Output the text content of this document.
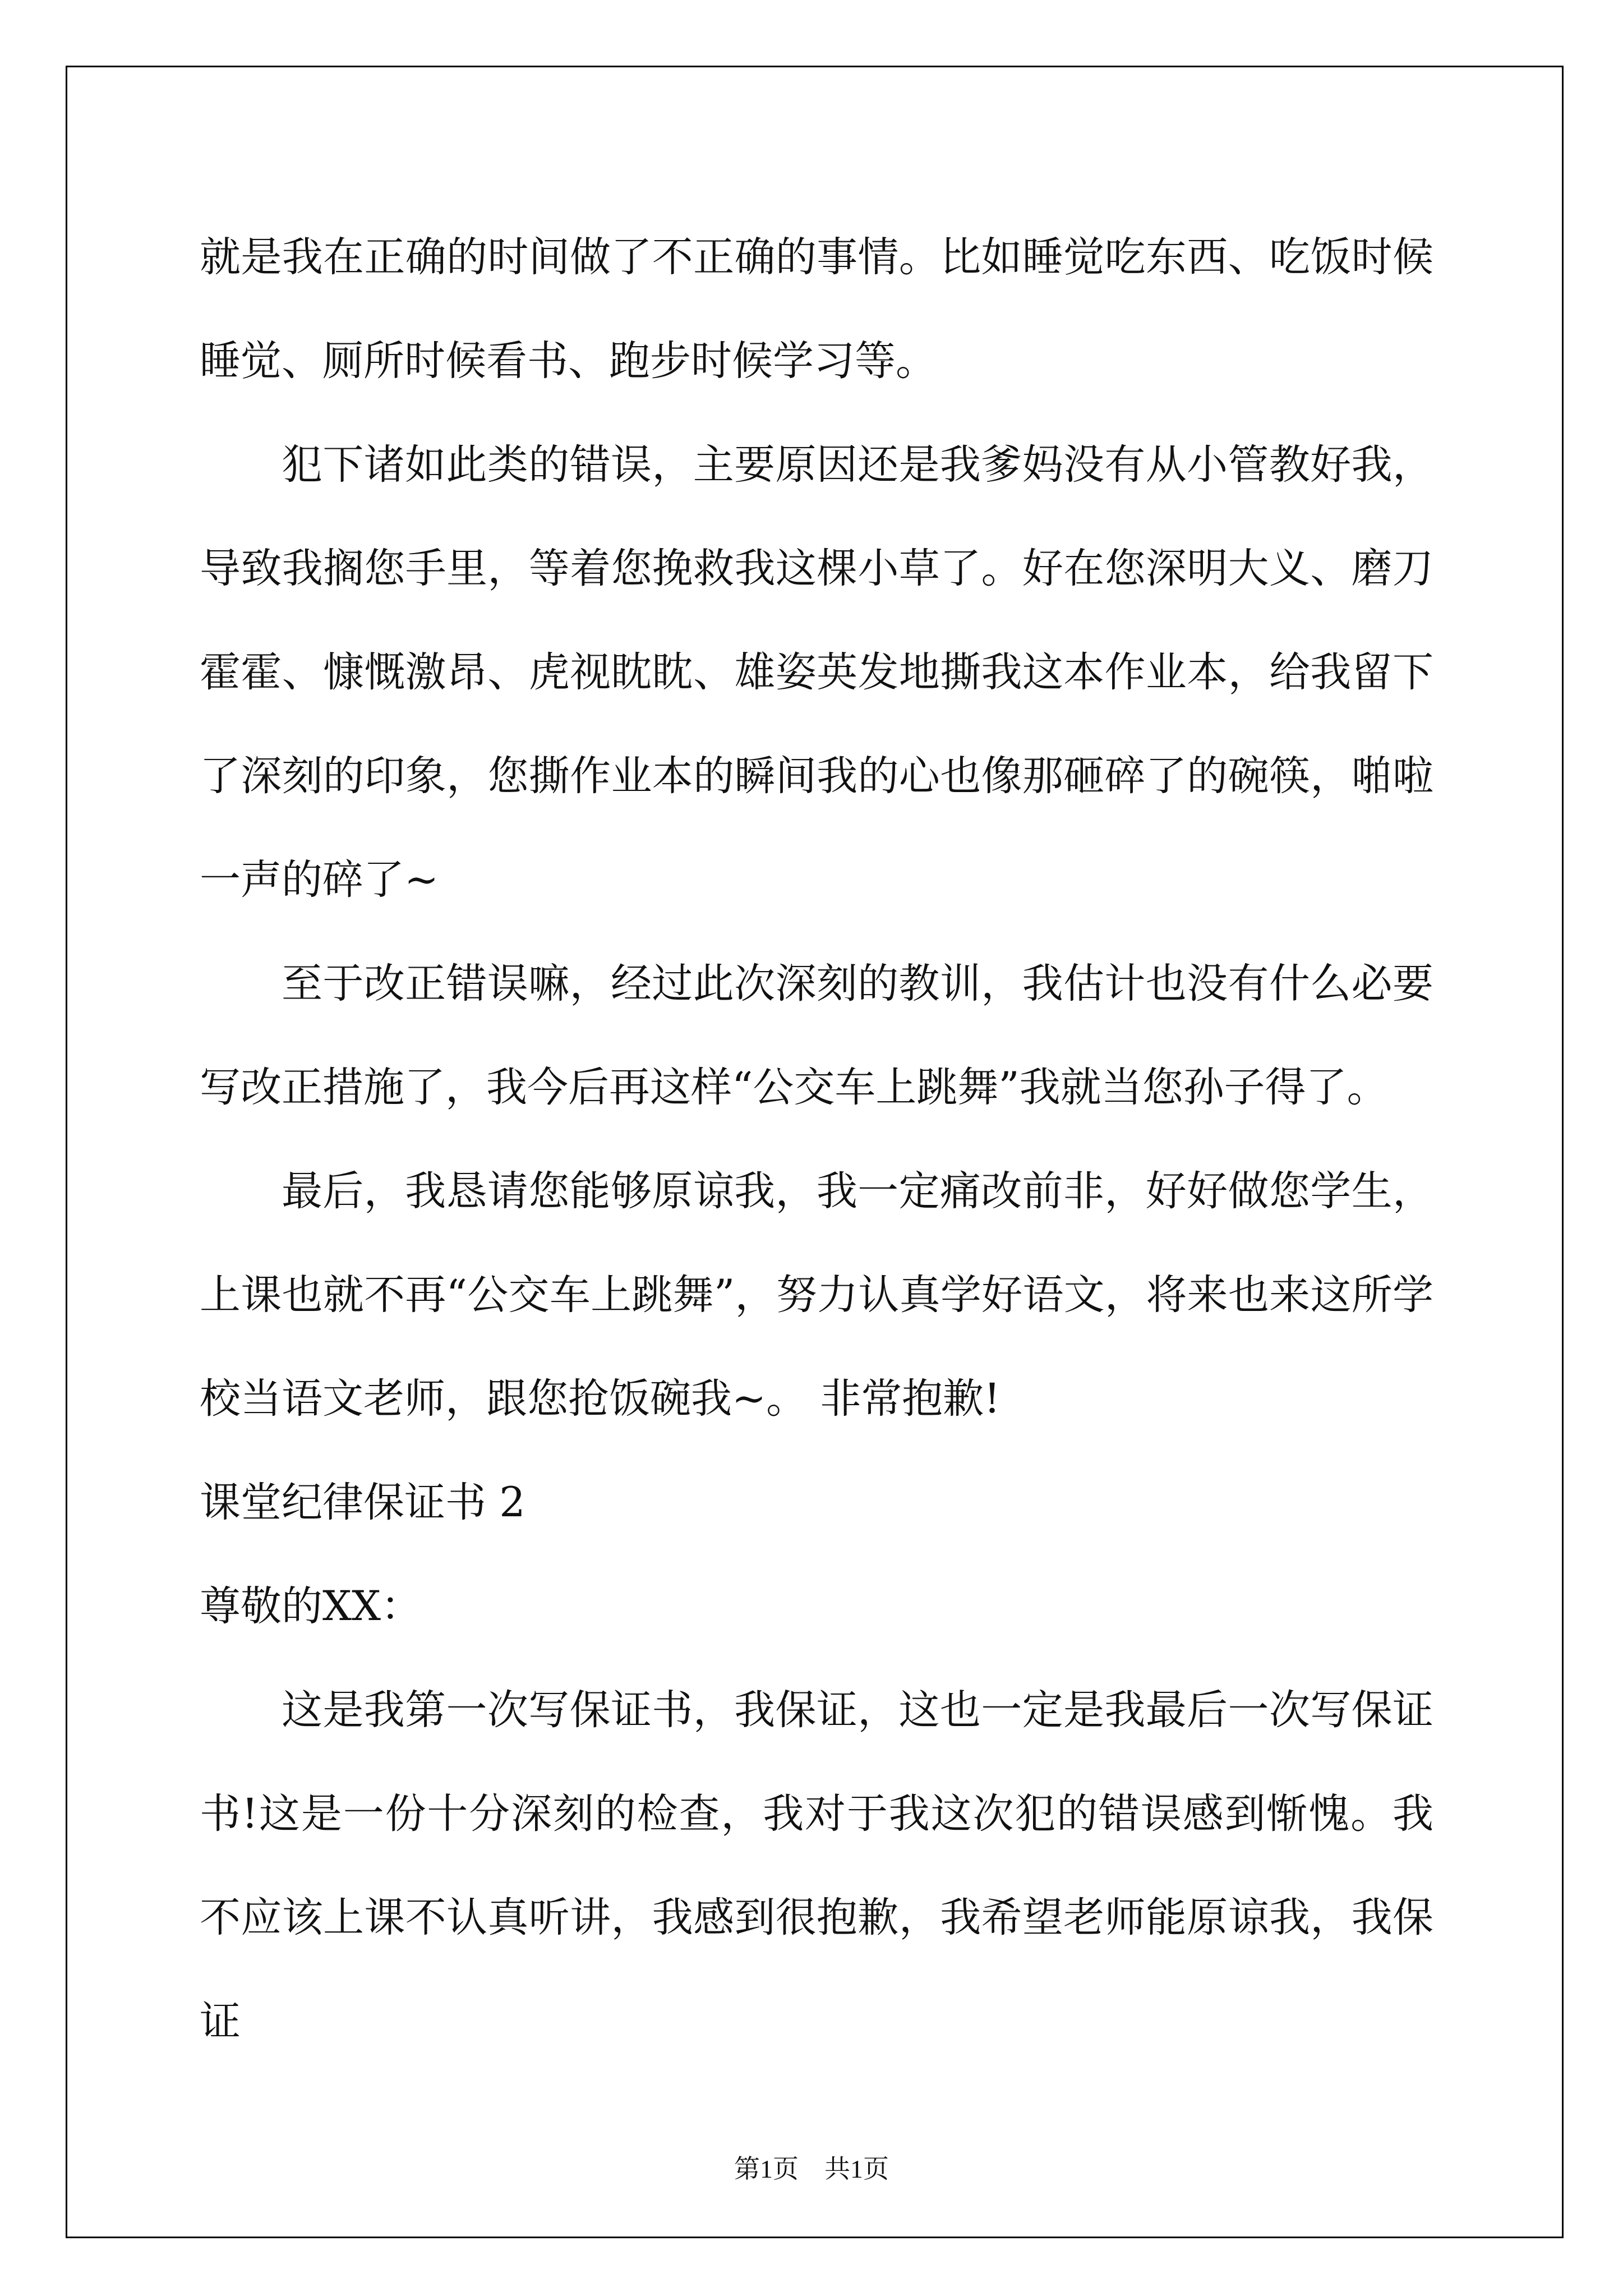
就是我在正确的时间做了不正确的事情。比如睡觉吃东西、吃饭时候睡觉、厕所时候看书、跑步时候学习等。

犯下诸如此类的错误，主要原因还是我爹妈没有从小管教好我，导致我搁您手里，等着您挽救我这棵小草了。好在您深明大义、磨刀霍霍、慷慨激昂、虎视眈眈、雄姿英发地撕我这本作业本，给我留下了深刻的印象，您撕作业本的瞬间我的心也像那砸碎了的碗筷，啪啦一声的碎了~

至于改正错误嘛，经过此次深刻的教训，我估计也没有什么必要写改正措施了，我今后再这样“公交车上跳舞”我就当您孙子得了。

最后，我恳请您能够原谅我，我一定痛改前非，好好做您学生，上课也就不再“公交车上跳舞”，努力认真学好语文，将来也来这所学校当语文老师，跟您抢饭碗我~。 非常抱歉!

课堂纪律保证书 2

尊敬的XX：

这是我第一次写保证书，我保证，这也一定是我最后一次写保证书!这是一份十分深刻的检查，我对于我这次犯的错误感到惭愧。我不应该上课不认真听讲，我感到很抱歉，我希望老师能原谅我，我保证

第1页　共1页
